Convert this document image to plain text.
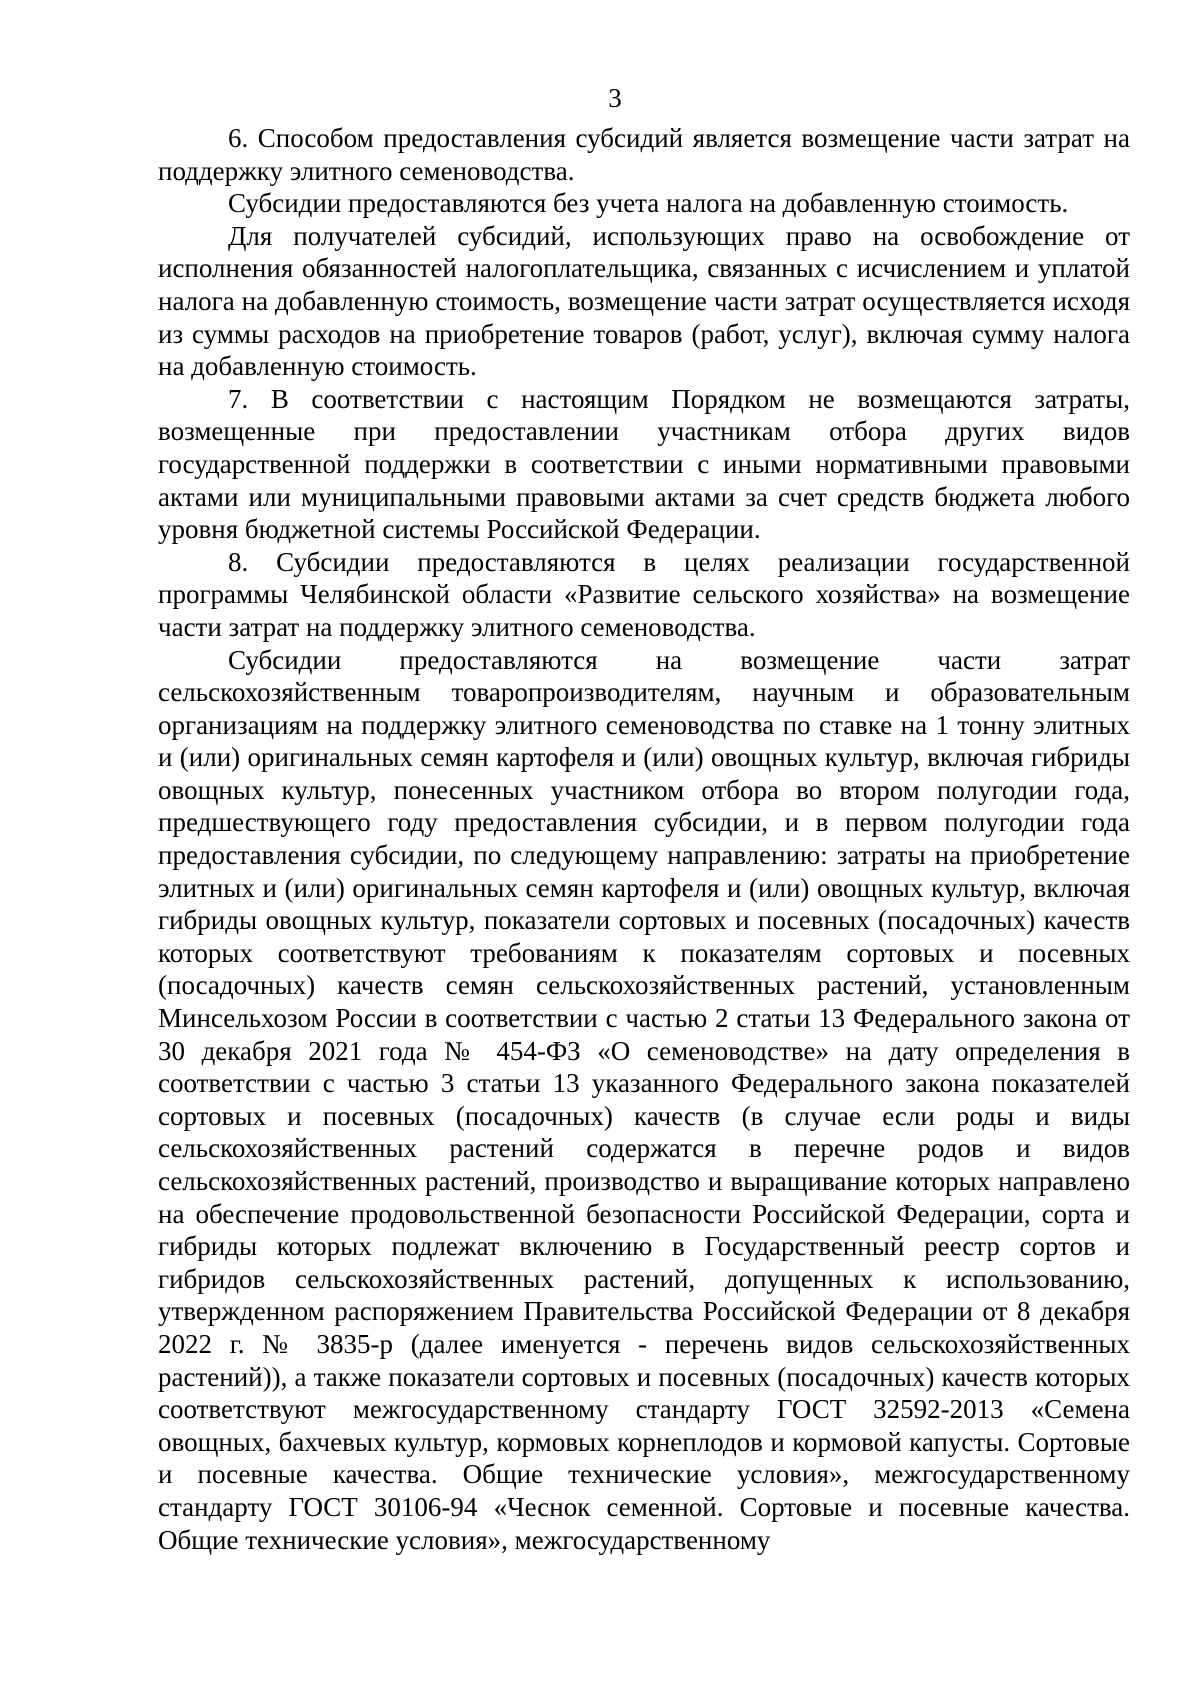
3

6. Способом предоставления субсидий является возмещение части затрат на поддержку элитного семеноводства.

Субсидии предоставляются без учета налога на добавленную стоимость.

Для получателей субсидий, использующих право на освобождение от исполнения обязанностей налогоплательщика, связанных с исчислением и уплатой налога на добавленную стоимость, возмещение части затрат осуществляется исходя из суммы расходов на приобретение товаров (работ, услуг), включая сумму налога на добавленную стоимость.

7. В соответствии с настоящим Порядком не возмещаются затраты, возмещенные при предоставлении участникам отбора других видов государственной поддержки в соответствии с иными нормативными правовыми актами или муниципальными правовыми актами за счет средств бюджета любого уровня бюджетной системы Российской Федерации.

8. Субсидии предоставляются в целях реализации государственной программы Челябинской области «Развитие сельского хозяйства» на возмещение части затрат на поддержку элитного семеноводства.

Субсидии предоставляются на возмещение части затрат сельскохозяйственным товаропроизводителям, научным и образовательным организациям на поддержку элитного семеноводства по ставке на 1 тонну элитных и (или) оригинальных семян картофеля и (или) овощных культур, включая гибриды овощных культур, понесенных участником отбора во втором полугодии года, предшествующего году предоставления субсидии, и в первом полугодии года предоставления субсидии, по следующему направлению: затраты на приобретение элитных и (или) оригинальных семян картофеля и (или) овощных культур, включая гибриды овощных культур, показатели сортовых и посевных (посадочных) качеств которых соответствуют требованиям к показателям сортовых и посевных (посадочных) качеств семян сельскохозяйственных растений, установленным Минсельхозом России в соответствии с частью 2 статьи 13 Федерального закона от 30 декабря 2021 года № 454-ФЗ «О семеноводстве» на дату определения в соответствии с частью 3 статьи 13 указанного Федерального закона показателей сортовых и посевных (посадочных) качеств (в случае если роды и виды сельскохозяйственных растений содержатся в перечне родов и видов сельскохозяйственных растений, производство и выращивание которых направлено на обеспечение продовольственной безопасности Российской Федерации, сорта и гибриды которых подлежат включению в Государственный реестр сортов и гибридов сельскохозяйственных растений, допущенных к использованию, утвержденном распоряжением Правительства Российской Федерации от 8 декабря 2022 г. № 3835-р (далее именуется - перечень видов сельскохозяйственных растений)), а также показатели сортовых и посевных (посадочных) качеств которых соответствуют межгосударственному стандарту ГОСТ 32592-2013 «Семена овощных, бахчевых культур, кормовых корнеплодов и кормовой капусты. Сортовые и посевные качества. Общие технические условия», межгосударственному стандарту ГОСТ 30106-94 «Чеснок семенной. Сортовые и посевные качества. Общие технические условия», межгосударственному
